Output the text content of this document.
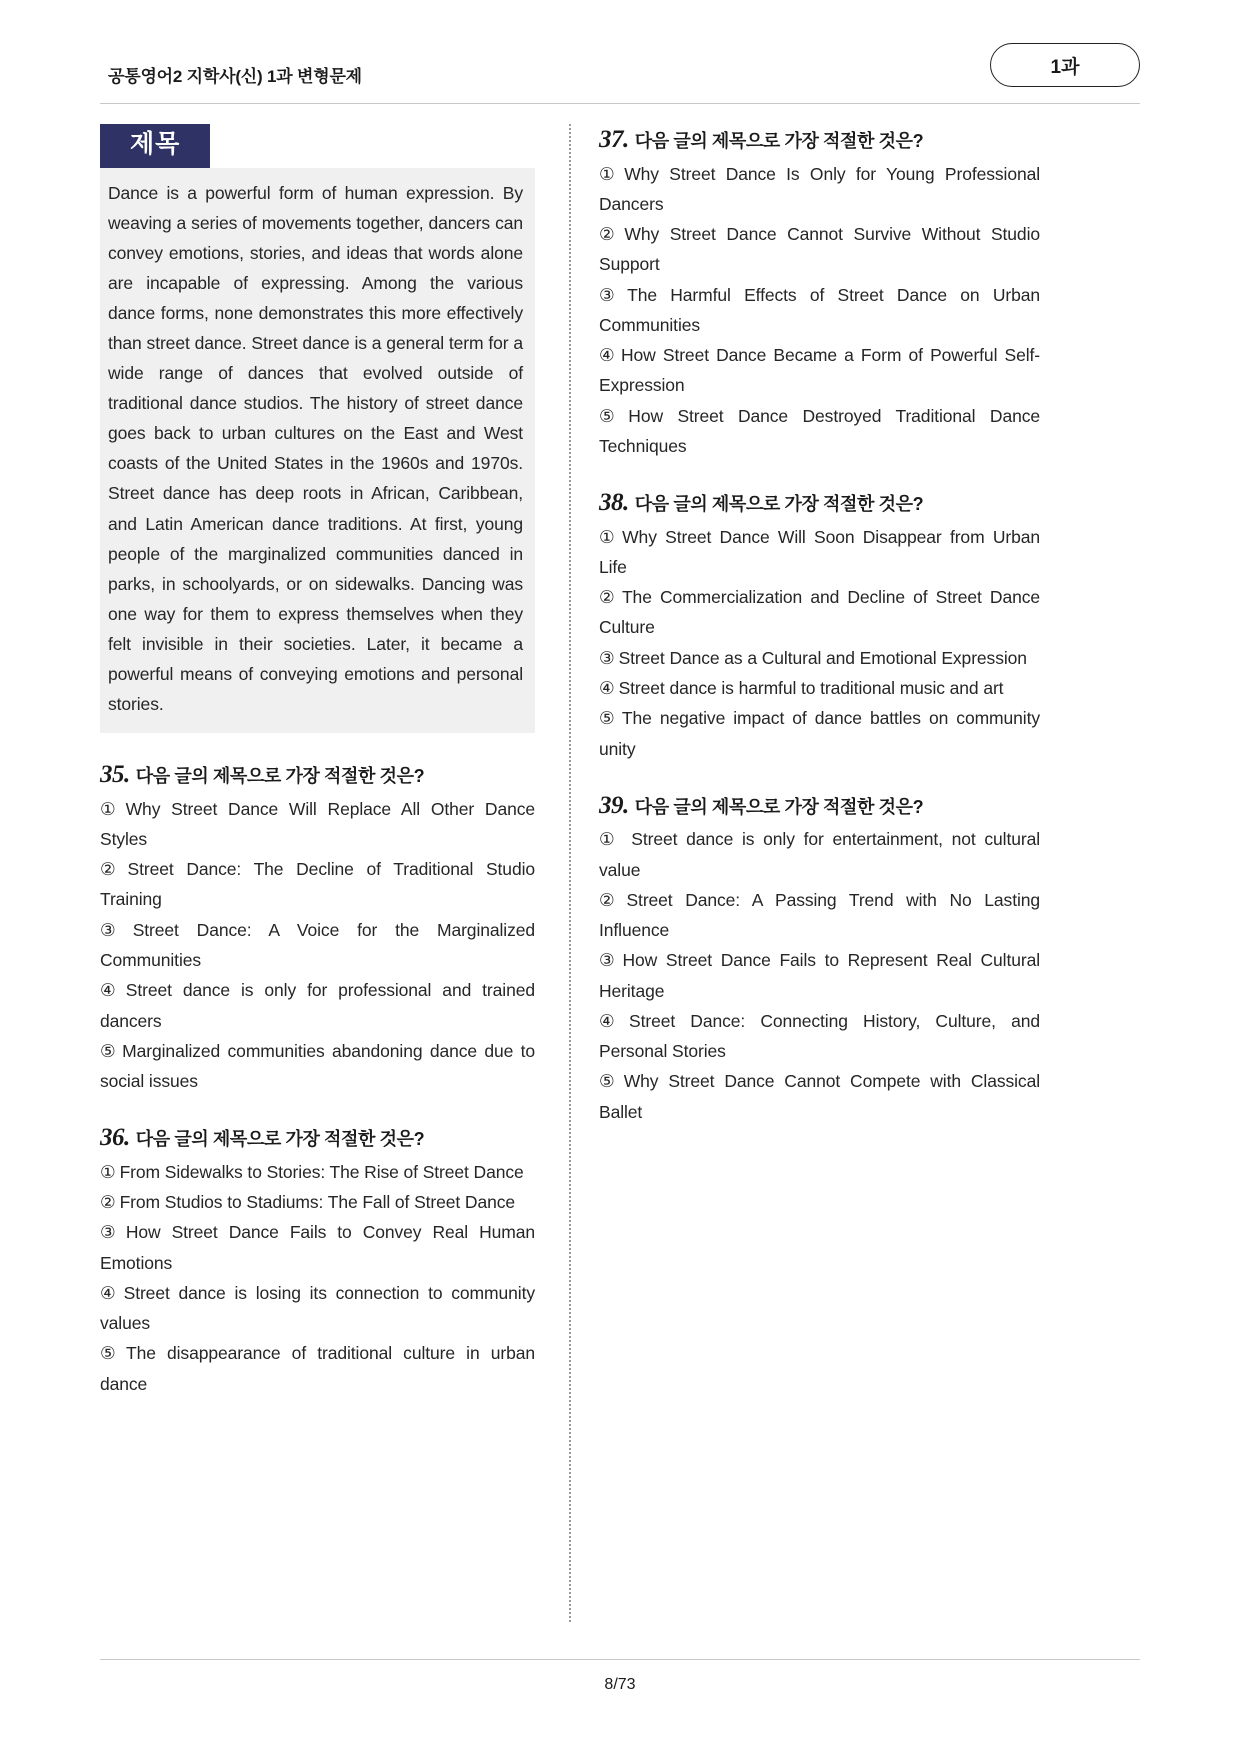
공통영어2 지학사(신) 1과 변형문제	1과
제목
Dance is a powerful form of human expression. By weaving a series of movements together, dancers can convey emotions, stories, and ideas that words alone are incapable of expressing. Among the various dance forms, none demonstrates this more effectively than street dance. Street dance is a general term for a wide range of dances that evolved outside of traditional dance studios. The history of street dance goes back to urban cultures on the East and West coasts of the United States in the 1960s and 1970s. Street dance has deep roots in African, Caribbean, and Latin American dance traditions. At first, young people of the marginalized communities danced in parks, in schoolyards, or on sidewalks. Dancing was one way for them to express themselves when they felt invisible in their societies. Later, it became a powerful means of conveying emotions and personal stories.
35. 다음 글의 제목으로 가장 적절한 것은?
① Why Street Dance Will Replace All Other Dance Styles
② Street Dance: The Decline of Traditional Studio Training
③ Street Dance: A Voice for the Marginalized Communities
④ Street dance is only for professional and trained dancers
⑤ Marginalized communities abandoning dance due to social issues
36. 다음 글의 제목으로 가장 적절한 것은?
① From Sidewalks to Stories: The Rise of Street Dance
② From Studios to Stadiums: The Fall of Street Dance
③ How Street Dance Fails to Convey Real Human Emotions
④ Street dance is losing its connection to community values
⑤ The disappearance of traditional culture in urban dance
37. 다음 글의 제목으로 가장 적절한 것은?
① Why Street Dance Is Only for Young Professional Dancers
② Why Street Dance Cannot Survive Without Studio Support
③ The Harmful Effects of Street Dance on Urban Communities
④ How Street Dance Became a Form of Powerful Self-Expression
⑤ How Street Dance Destroyed Traditional Dance Techniques
38. 다음 글의 제목으로 가장 적절한 것은?
① Why Street Dance Will Soon Disappear from Urban Life
② The Commercialization and Decline of Street Dance Culture
③ Street Dance as a Cultural and Emotional Expression
④ Street dance is harmful to traditional music and art
⑤ The negative impact of dance battles on community unity
39. 다음 글의 제목으로 가장 적절한 것은?
① Street dance is only for entertainment, not cultural value
② Street Dance: A Passing Trend with No Lasting Influence
③ How Street Dance Fails to Represent Real Cultural Heritage
④ Street Dance: Connecting History, Culture, and Personal Stories
⑤ Why Street Dance Cannot Compete with Classical Ballet
8/73
